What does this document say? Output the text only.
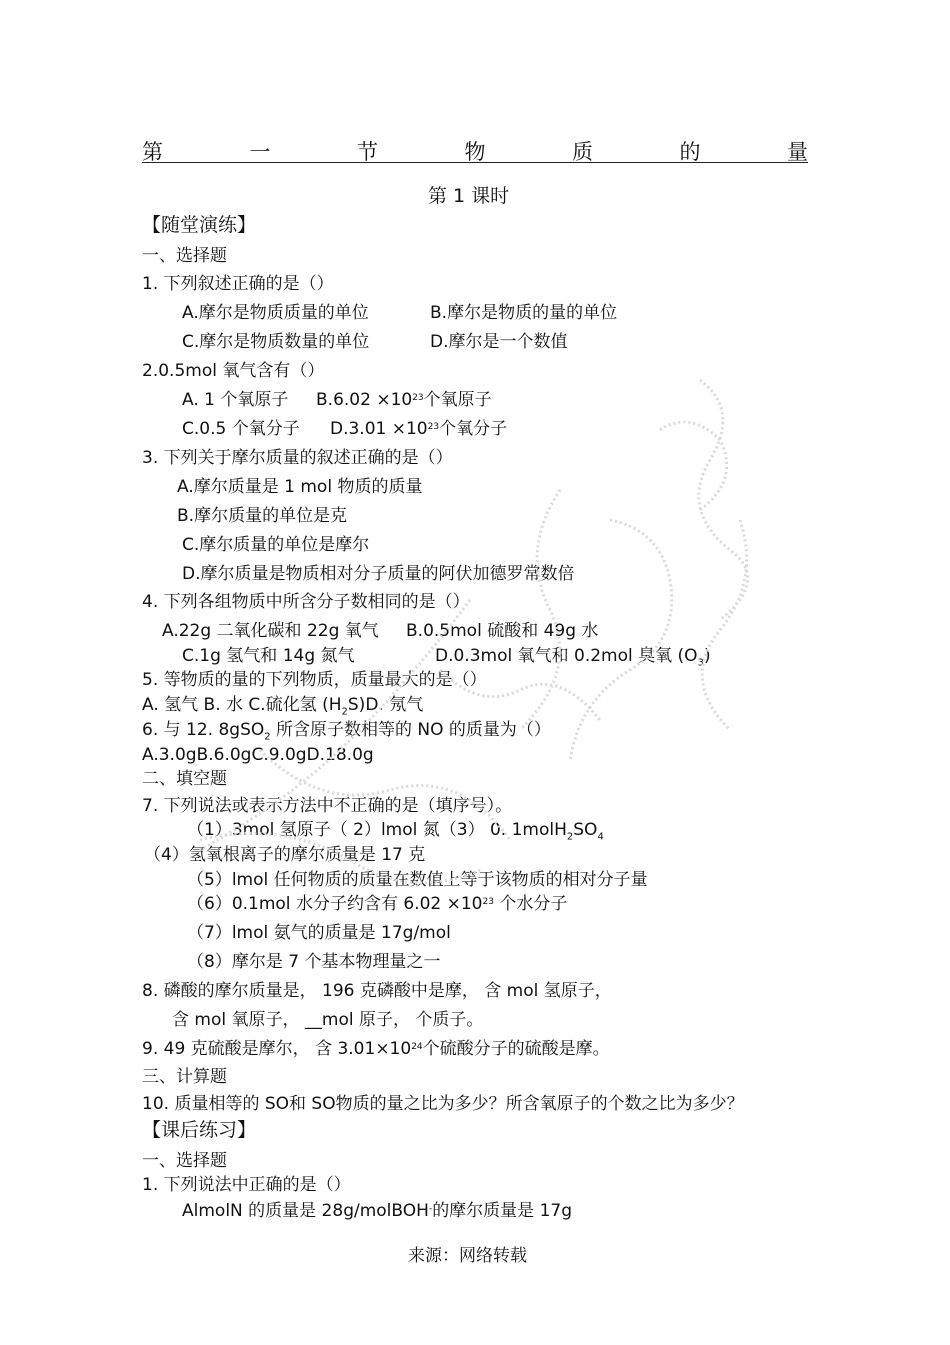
第	一	节	物	质	的	量
第 1 课时
【随堂演练】
一、选择题
1. 下列叙述正确的是（）
A.摩尔是物质质量的单位	B.摩尔是物质的量的单位
C.摩尔是物质数量的单位	D.摩尔是一个数值
2.0.5mol 氧气含有（）
A. 1 个氧原子 $B.6.02 \times 10^{23}$个氧原子
C.0.5 个氧分子 $D.3.01 \times 10^{23}$个氧分子
3. 下列关于摩尔质量的叙述正确的是（）
A.摩尔质量是 1 mol 物质的质量
B.摩尔质量的单位是克
C.摩尔质量的单位是摩尔
D.摩尔质量是物质相对分子质量的阿伏加德罗常数倍
4. 下列各组物质中所含分子数相同的是（）
A.22g 二氧化碳和 22g 氧气 B.0.5mol 硫酸和 49g 水
C.1g 氢气和 14g 氮气	D.0.3mol 氧气和 0.2mol 臭氧 $(O_3)$
5. 等物质的量的下列物质，质量最大的是（）
A. 氢气 B. 水 C.硫化氢 $(H_2S)D$. 氖气
6. 与 12. 8gSO$_2$ 所含原子数相等的 NO 的质量为（）
A.3.0gB.6.0gC.9.0gD.18.0g
二、填空题
7. 下列说法或表示方法中不正确的是（填序号）。
（1）3mol 氢原子（ 2）lmol 氮（3） 0. $1molH_2SO_4$
（4）氢氧根离子的摩尔质量是 17 克
（5）lmol 任何物质的质量在数值上等于该物质的相对分子量
（6）0.1mol 水分子约含有 $6.02 \times 10^{23}$ 个水分子
（7）lmol 氨气的质量是 17g/mol
（8）摩尔是 7 个基本物理量之一
8. 磷酸的摩尔质量是， 196 克磷酸中是摩， 含 mol 氢原子，
含 mol 氧原子， __mol 原子， 个质子。
9. 49 克硫酸是摩尔， 含 $3.01\times 10^{24}$个硫酸分子的硫酸是摩。
三、计算题
10. 质量相等的 SO和 SO物质的量之比为多少？所含氧原子的个数之比为多少？
【课后练习】
一、选择题
1. 下列说法中正确的是（）
AlmolN 的质量是 28g/molBOH-的摩尔质量是 17g
来源：网络转载
